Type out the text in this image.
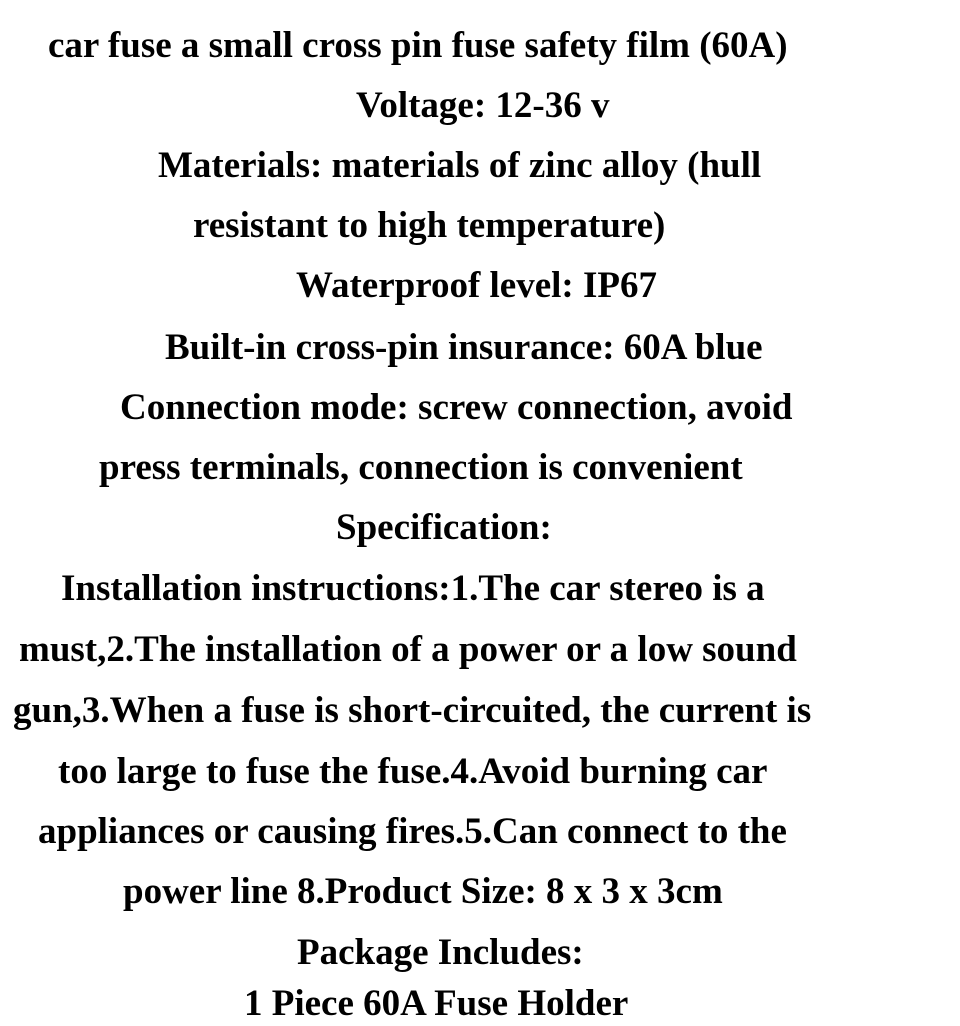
car fuse a small cross pin fuse safety film (60A)
Voltage: 12-36 v
Materials: materials of zinc alloy (hull
resistant to high temperature)
Waterproof level: IP67
Built-in cross-pin insurance: 60A blue
Connection mode: screw connection, avoid
press terminals, connection is convenient
Specification:
Installation instructions:1.The car stereo is a
must,2.The installation of a power or a low sound
gun,3.When a fuse is short-circuited, the current is
too large to fuse the fuse.4.Avoid burning car
appliances or causing fires.5.Can connect to the
power line 8.Product Size: 8 x 3 x 3cm
Package Includes:
1 Piece 60A Fuse Holder
